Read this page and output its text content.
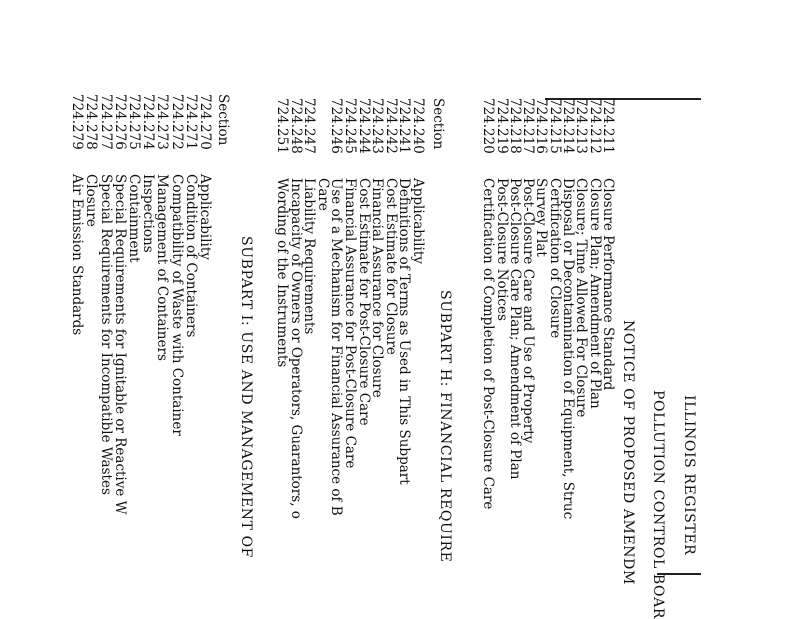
ILLINOIS REGISTER
POLLUTION CONTROL BOAR
NOTICE OF PROPOSED AMENDM
724.211
Closure Performance Standard
724.212
Closure Plan; Amendment of Plan
724.213
Closure; Time Allowed For Closure
724.214
Disposal or Decontamination of Equipment, Struc
724.215
Certification of Closure
724.216
Survey Plat
724.217
Post-Closure Care and Use of Property
724.218
Post-Closure Care Plan; Amendment of Plan
724.219
Post-Closure Notices
724.220
Certification of Completion of Post-Closure Care
SUBPART H: FINANCIAL REQUIRE
Section
724.240
Applicability
724.241
Definitions of Terms as Used in This Subpart
724.242
Cost Estimate for Closure
724.243
Financial Assurance for Closure
724.244
Cost Estimate for Post-Closure Care
724.245
Financial Assurance for Post-Closure Care
724.246
Use of a Mechanism for Financial Assurance of B
Care
724.247
Liability Requirements
724.248
Incapacity of Owners or Operators, Guarantors, o
724.251
Wording of the Instruments
SUBPART I: USE AND MANAGEMENT OF
Section
724.270
Applicability
724.271
Condition of Containers
724.272
Compatibility of Waste with Container
724.273
Management of Containers
724.274
Inspections
724.275
Containment
724.276
Special Requirements for Ignitable or Reactive W
724.277
Special Requirements for Incompatible Wastes
724.278
Closure
724.279
Air Emission Standards
